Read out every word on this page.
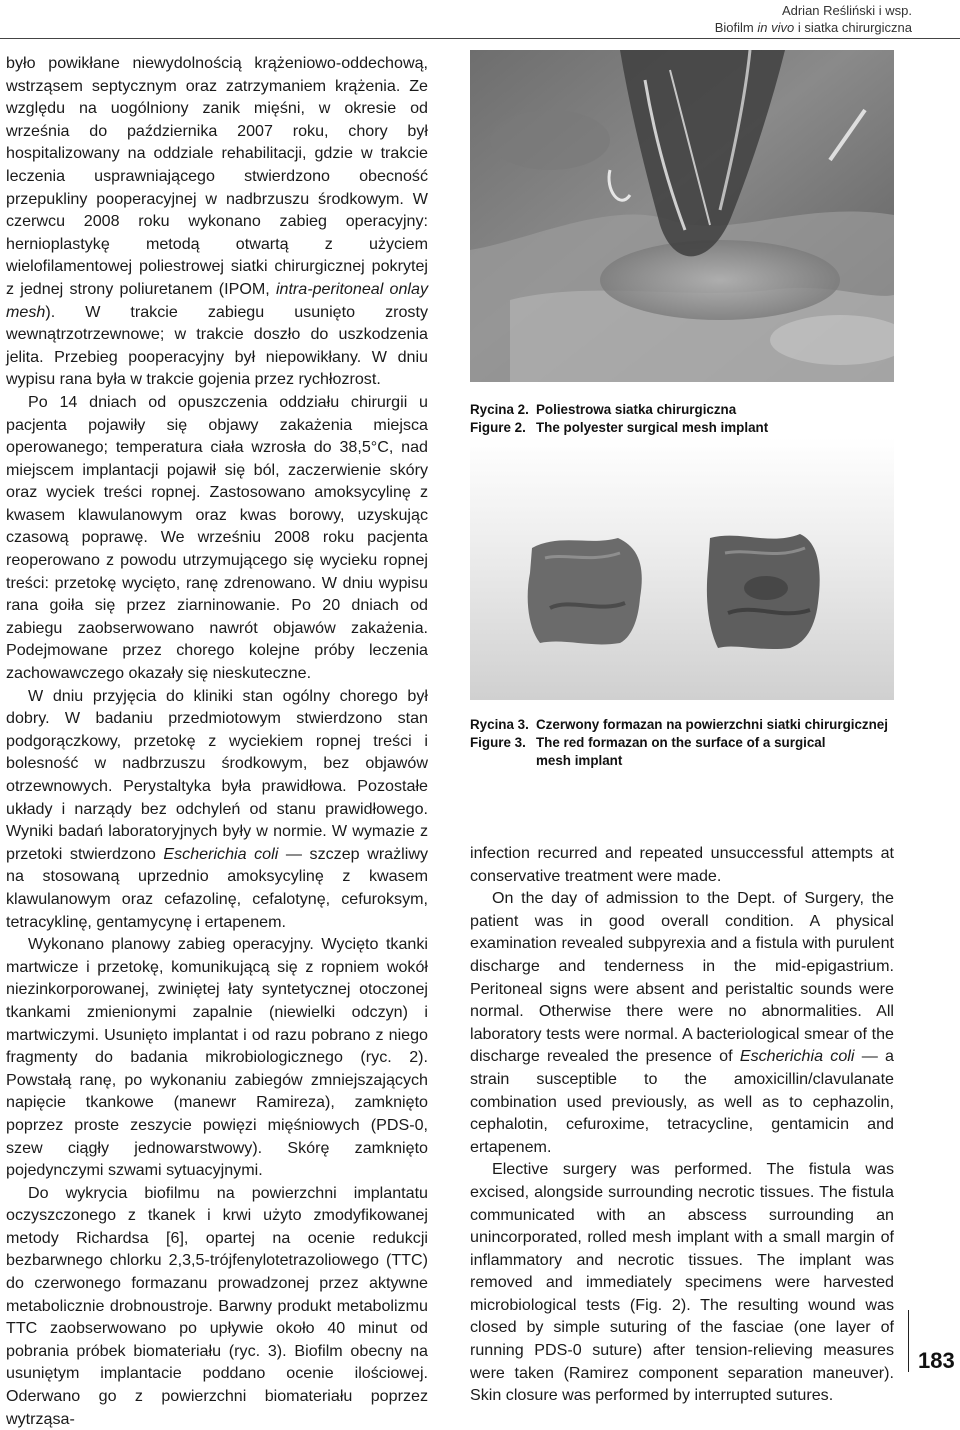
Adrian Reśliński i wsp.
Biofilm in vivo i siatka chirurgiczna

było powikłane niewydolnością krążeniowo-oddechową, wstrząsem septycznym oraz zatrzymaniem krążenia. Ze względu na uogólniony zanik mięśni, w okresie od września do października 2007 roku, chory był hospitalizowany na oddziale rehabilitacji, gdzie w trakcie leczenia usprawniającego stwierdzono obecność przepukliny pooperacyjnej w nadbrzuszu środkowym. W czerwcu 2008 roku wykonano zabieg operacyjny: hernioplastykę metodą otwartą z użyciem wielofilamentowej poliestrowej siatki chirurgicznej pokrytej z jednej strony poliuretanem (IPOM, intra-peritoneal onlay mesh). W trakcie zabiegu usunięto zrosty wewnątrzotrzewnowe; w trakcie doszło do uszkodzenia jelita. Przebieg pooperacyjny był niepowikłany. W dniu wypisu rana była w trakcie gojenia przez rychłozrost.

Po 14 dniach od opuszczenia oddziału chirurgii u pacjenta pojawiły się objawy zakażenia miejsca operowanego; temperatura ciała wzrosła do 38,5°C, nad miejscem implantacji pojawił się ból, zaczerwienie skóry oraz wyciek treści ropnej. Zastosowano amoksycylinę z kwasem klawulanowym oraz kwas borowy, uzyskując czasową poprawę. We wrześniu 2008 roku pacjenta reoperowano z powodu utrzymującego się wycieku ropnej treści: przetokę wycięto, ranę zdrenowano. W dniu wypisu rana goiła się przez ziarninowanie. Po 20 dniach od zabiegu zaobserwowano nawrót objawów zakażenia. Podejmowane przez chorego kolejne próby leczenia zachowawczego okazały się nieskuteczne.

W dniu przyjęcia do kliniki stan ogólny chorego był dobry. W badaniu przedmiotowym stwierdzono stan podgorączkowy, przetokę z wyciekiem ropnej treści i bolesność w nadbrzuszu środkowym, bez objawów otrzewnowych. Perystaltyka była prawidłowa. Pozostałe układy i narządy bez odchyleń od stanu prawidłowego. Wyniki badań laboratoryjnych były w normie. W wymazie z przetoki stwierdzono Escherichia coli — szczep wrażliwy na stosowaną uprzednio amoksycylinę z kwasem klawulanowym oraz cefazolinę, cefalotynę, cefuroksym, tetracyklinę, gentamycynę i ertapenem.

Wykonano planowy zabieg operacyjny. Wycięto tkanki martwicze i przetokę, komunikującą się z ropniem wokół niezinkorporowanej, zwiniętej łaty syntetycznej otoczonej tkankami zmienionymi zapalnie (niewielki odczyn) i martwiczymi. Usunięto implantat i od razu pobrano z niego fragmenty do badania mikrobiologicznego (ryc. 2). Powstałą ranę, po wykonaniu zabiegów zmniejszających napięcie tkankowe (manewr Ramireza), zamknięto poprzez proste zeszycie powięzi mięśniowych (PDS-0, szew ciągły jednowarstwowy). Skórę zamknięto pojedynczymi szwami sytuacyjnymi.

Do wykrycia biofilmu na powierzchni implantatu oczyszczonego z tkanek i krwi użyto zmodyfikowanej metody Richardsa [6], opartej na ocenie redukcji bezbarwnego chlorku 2,3,5-trójfenylotetrazoliowego (TTC) do czerwonego formazanu prowadzonej przez aktywne metabolicznie drobnoustroje. Barwny produkt metabolizmu TTC zaobserwowano po upływie około 40 minut od pobrania próbek biomateriału (ryc. 3). Biofilm obecny na usuniętym implantacie poddano ocenie ilościowej. Oderwano go z powierzchni biomateriału poprzez wytrząsa-

Rycina 2. Poliestrowa siatka chirurgiczna
Figure 2. The polyester surgical mesh implant
Rycina 3. Czerwony formazan na powierzchni siatki chirurgicznej
Figure 3. The red formazan on the surface of a surgical mesh implant

infection recurred and repeated unsuccessful attempts at conservative treatment were made.

On the day of admission to the Dept. of Surgery, the patient was in good overall condition. A physical examination revealed subpyrexia and a fistula with purulent discharge and tenderness in the mid-epigastrium. Peritoneal signs were absent and peristaltic sounds were normal. Otherwise there were no abnormalities. All laboratory tests were normal. A bacteriological smear of the discharge revealed the presence of Escherichia coli — a strain susceptible to the amoxicillin/clavulanate combination used previously, as well as to cephazolin, cephalotin, cefuroxime, tetracycline, gentamicin and ertapenem.

Elective surgery was performed. The fistula was excised, alongside surrounding necrotic tissues. The fistula communicated with an abscess surrounding an unincorporated, rolled mesh implant with a small margin of inflammatory and necrotic tissues. The implant was removed and immediately specimens were harvested microbiological tests (Fig. 2). The resulting wound was closed by simple suturing of the fasciae (one layer of running PDS-0 suture) after tension-relieving measures were taken (Ramirez component separation maneuver). Skin closure was performed by interrupted sutures.

183
